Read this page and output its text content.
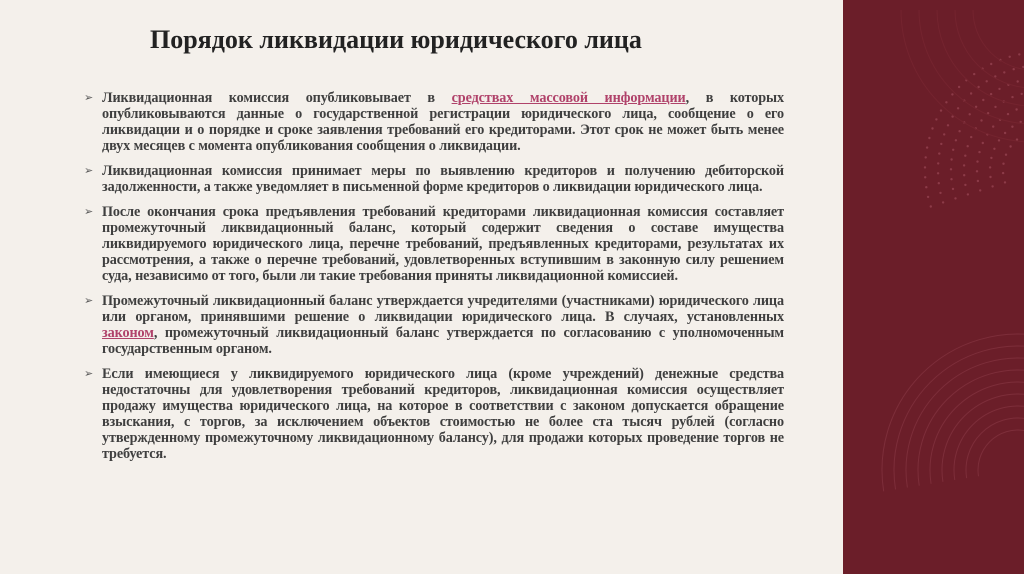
Порядок ликвидации юридического лица
➢ Ликвидационная комиссия опубликовывает в средствах массовой информации, в которых опубликовываются данные о государственной регистрации юридического лица, сообщение о его ликвидации и о порядке и сроке заявления требований его кредиторами. Этот срок не может быть менее двух месяцев с момента опубликования сообщения о ликвидации.
➢ Ликвидационная комиссия принимает меры по выявлению кредиторов и получению дебиторской задолженности, а также уведомляет в письменной форме кредиторов о ликвидации юридического лица.
➢ После окончания срока предъявления требований кредиторами ликвидационная комиссия составляет промежуточный ликвидационный баланс, который содержит сведения о составе имущества ликвидируемого юридического лица, перечне требований, предъявленных кредиторами, результатах их рассмотрения, а также о перечне требований, удовлетворенных вступившим в законную силу решением суда, независимо от того, были ли такие требования приняты ликвидационной комиссией.
➢ Промежуточный ликвидационный баланс утверждается учредителями (участниками) юридического лица или органом, принявшими решение о ликвидации юридического лица. В случаях, установленных законом, промежуточный ликвидационный баланс утверждается по согласованию с уполномоченным государственным органом.
➢ Если имеющиеся у ликвидируемого юридического лица (кроме учреждений) денежные средства недостаточны для удовлетворения требований кредиторов, ликвидационная комиссия осуществляет продажу имущества юридического лица, на которое в соответствии с законом допускается обращение взыскания, с торгов, за исключением объектов стоимостью не более ста тысяч рублей (согласно утвержденному промежуточному ликвидационному балансу), для продажи которых проведение торгов не требуется.
